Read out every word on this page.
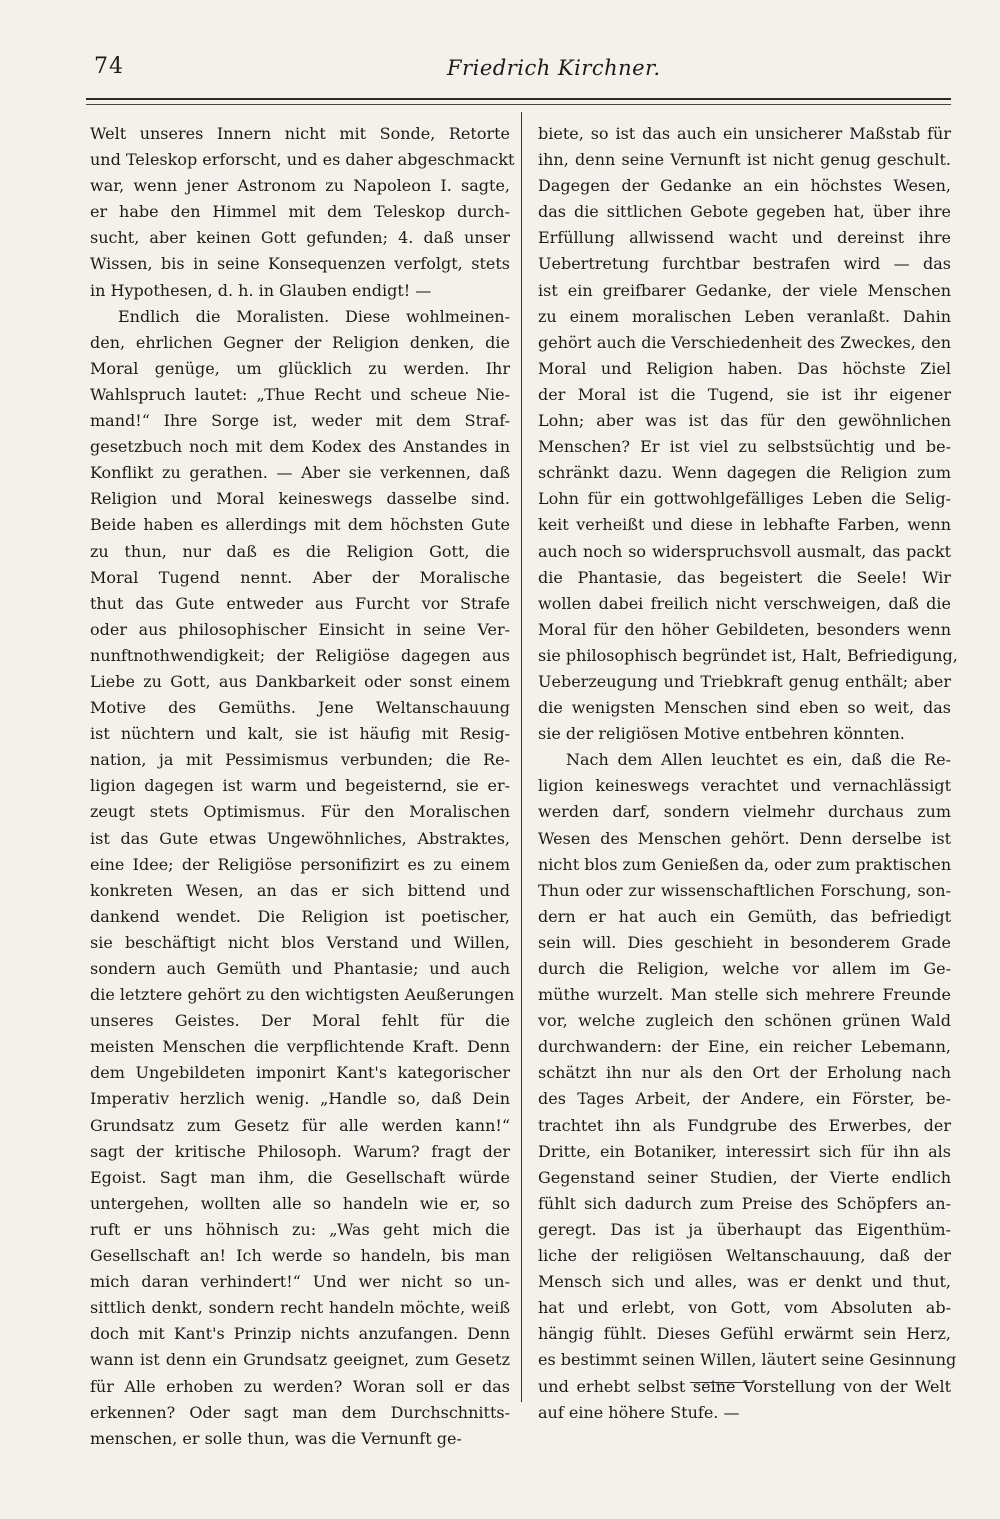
74	Friedrich Kirchner.
Welt unseres Innern nicht mit Sonde, Retorte
und Teleskop erforscht, und es daher abgeschmackt
war, wenn jener Astronom zu Napoleon I. sagte,
er habe den Himmel mit dem Teleskop durch-
sucht, aber keinen Gott gefunden; 4. daß unser
Wissen, bis in seine Konsequenzen verfolgt, stets
in Hypothesen, d. h. in Glauben endigt! —
Endlich die Moralisten. Diese wohlmeinen-
den, ehrlichen Gegner der Religion denken, die
Moral genüge, um glücklich zu werden. Ihr
Wahlspruch lautet: „Thue Recht und scheue Nie-
mand!“ Ihre Sorge ist, weder mit dem Straf-
gesetzbuch noch mit dem Kodex des Anstandes in
Konflikt zu gerathen. — Aber sie verkennen, daß
Religion und Moral keineswegs dasselbe sind.
Beide haben es allerdings mit dem höchsten Gute
zu thun, nur daß es die Religion Gott, die
Moral Tugend nennt. Aber der Moralische
thut das Gute entweder aus Furcht vor Strafe
oder aus philosophischer Einsicht in seine Ver-
nunftnothwendigkeit; der Religiöse dagegen aus
Liebe zu Gott, aus Dankbarkeit oder sonst einem
Motive des Gemüths. Jene Weltanschauung
ist nüchtern und kalt, sie ist häufig mit Resig-
nation, ja mit Pessimismus verbunden; die Re-
ligion dagegen ist warm und begeisternd, sie er-
zeugt stets Optimismus. Für den Moralischen
ist das Gute etwas Ungewöhnliches, Abstraktes,
eine Idee; der Religiöse personifizirt es zu einem
konkreten Wesen, an das er sich bittend und
dankend wendet. Die Religion ist poetischer,
sie beschäftigt nicht blos Verstand und Willen,
sondern auch Gemüth und Phantasie; und auch
die letztere gehört zu den wichtigsten Aeußerungen
unseres Geistes. Der Moral fehlt für die
meisten Menschen die verpflichtende Kraft. Denn
dem Ungebildeten imponirt Kant's kategorischer
Imperativ herzlich wenig. „Handle so, daß Dein
Grundsatz zum Gesetz für alle werden kann!“
sagt der kritische Philosoph. Warum? fragt der
Egoist. Sagt man ihm, die Gesellschaft würde
untergehen, wollten alle so handeln wie er, so
ruft er uns höhnisch zu: „Was geht mich die
Gesellschaft an! Ich werde so handeln, bis man
mich daran verhindert!“ Und wer nicht so un-
sittlich denkt, sondern recht handeln möchte, weiß
doch mit Kant's Prinzip nichts anzufangen. Denn
wann ist denn ein Grundsatz geeignet, zum Gesetz
für Alle erhoben zu werden? Woran soll er das
erkennen? Oder sagt man dem Durchschnitts-
menschen, er solle thun, was die Vernunft ge-
biete, so ist das auch ein unsicherer Maßstab für
ihn, denn seine Vernunft ist nicht genug geschult.
Dagegen der Gedanke an ein höchstes Wesen,
das die sittlichen Gebote gegeben hat, über ihre
Erfüllung allwissend wacht und dereinst ihre
Uebertretung furchtbar bestrafen wird — das
ist ein greifbarer Gedanke, der viele Menschen
zu einem moralischen Leben veranlaßt. Dahin
gehört auch die Verschiedenheit des Zweckes, den
Moral und Religion haben. Das höchste Ziel
der Moral ist die Tugend, sie ist ihr eigener
Lohn; aber was ist das für den gewöhnlichen
Menschen? Er ist viel zu selbstsüchtig und be-
schränkt dazu. Wenn dagegen die Religion zum
Lohn für ein gottwohlgefälliges Leben die Selig-
keit verheißt und diese in lebhafte Farben, wenn
auch noch so widerspruchsvoll ausmalt, das packt
die Phantasie, das begeistert die Seele! Wir
wollen dabei freilich nicht verschweigen, daß die
Moral für den höher Gebildeten, besonders wenn
sie philosophisch begründet ist, Halt, Befriedigung,
Ueberzeugung und Triebkraft genug enthält; aber
die wenigsten Menschen sind eben so weit, das
sie der religiösen Motive entbehren könnten.
Nach dem Allen leuchtet es ein, daß die Re-
ligion keineswegs verachtet und vernachlässigt
werden darf, sondern vielmehr durchaus zum
Wesen des Menschen gehört. Denn derselbe ist
nicht blos zum Genießen da, oder zum praktischen
Thun oder zur wissenschaftlichen Forschung, son-
dern er hat auch ein Gemüth, das befriedigt
sein will. Dies geschieht in besonderem Grade
durch die Religion, welche vor allem im Ge-
müthe wurzelt. Man stelle sich mehrere Freunde
vor, welche zugleich den schönen grünen Wald
durchwandern: der Eine, ein reicher Lebemann,
schätzt ihn nur als den Ort der Erholung nach
des Tages Arbeit, der Andere, ein Förster, be-
trachtet ihn als Fundgrube des Erwerbes, der
Dritte, ein Botaniker, interessirt sich für ihn als
Gegenstand seiner Studien, der Vierte endlich
fühlt sich dadurch zum Preise des Schöpfers an-
geregt. Das ist ja überhaupt das Eigenthüm-
liche der religiösen Weltanschauung, daß der
Mensch sich und alles, was er denkt und thut,
hat und erlebt, von Gott, vom Absoluten ab-
hängig fühlt. Dieses Gefühl erwärmt sein Herz,
es bestimmt seinen Willen, läutert seine Gesinnung
und erhebt selbst seine Vorstellung von der Welt
auf eine höhere Stufe. —
